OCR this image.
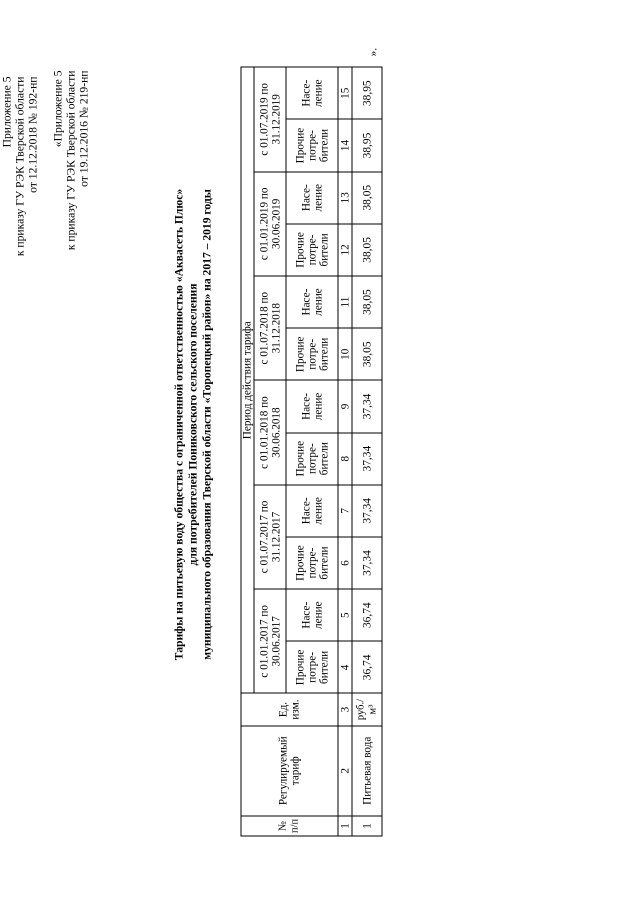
Приложение 5 к приказу ГУ РЭК Тверской области от 12.12.2018 № 192-нп «Приложение 5 к приказу ГУ РЭК Тверской области от 19.12.2016 № 219-нп
Тарифы на питьевую воду общества с ограниченной ответственностью «Аквасеть Плюс» для потребителей Пониковского сельского поселения муниципального образования Тверской области «Торопецкий район» на 2017 – 2019 годы
№ п/п	Регулируемый тариф	Ед. изм.	Период действия тарифа											
			с 01.01.2017 по 30.06.2017		с 01.07.2017 по 31.12.2017		с 01.01.2018 по 30.06.2018		с 01.07.2018 по 31.12.2018		с 01.01.2019 по 30.06.2019		с 01.07.2019 по 31.12.2019	
			Прочие потре-бители	Насе-ление	Прочие потре-бители	Насе-ление	Прочие потре-бители	Насе-ление	Прочие потре-бители	Насе-ление	Прочие потре-бители	Насе-ление	Прочие потре-бители	Насе-ление
1	2	3	4	5	6	7	8	9	10	11	12	13	14	15
1	Питьевая вода	руб./м³	36,74	36,74	37,34	37,34	37,34	37,34	38,05	38,05	38,05	38,05	38,95	38,95
».
